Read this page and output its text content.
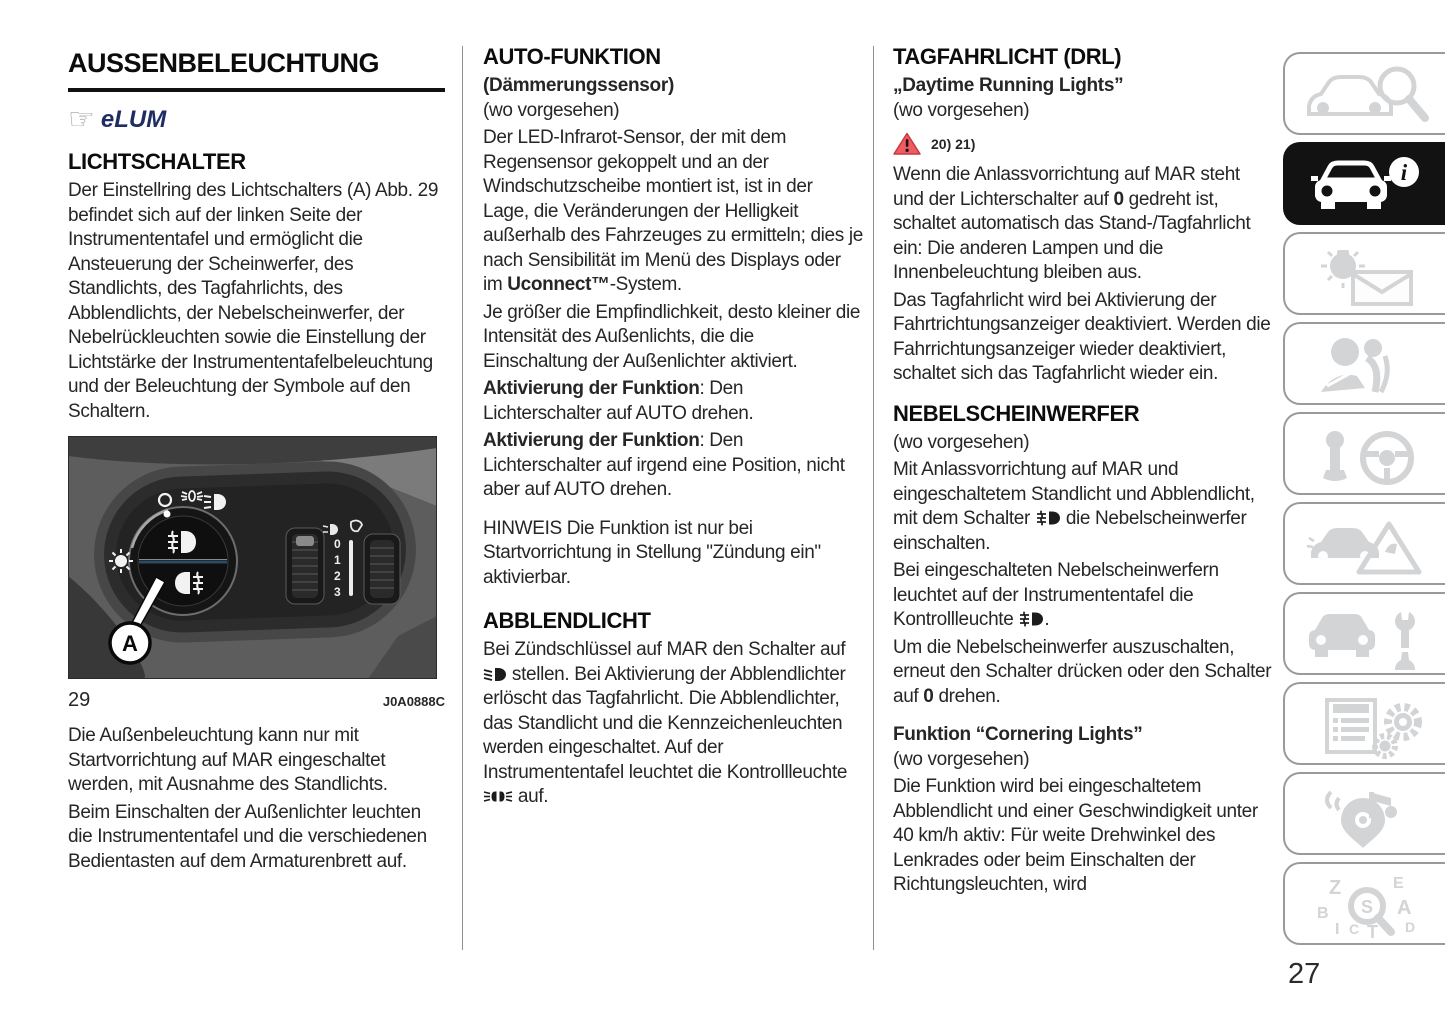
AUSSENBELEUCHTUNG
☞ eLUM
LICHTSCHALTER

Der Einstellring des Lichtschalters (A) Abb. 29 befindet sich auf der linken Seite der Instrumententafel und ermöglicht die Ansteuerung der Scheinwerfer, des Standlichts, des Tagfahrlichts, des Abblendlichts, der Nebelscheinwerfer, der Nebelrückleuchten sowie die Einstellung der Lichtstärke der Instrumententafelbeleuchtung und der Beleuchtung der Symbole auf den Schaltern.

0
1
2
3
A
29	J0A0888C

Die Außenbeleuchtung kann nur mit Startvorrichtung auf MAR eingeschaltet werden, mit Ausnahme des Standlichts.

Beim Einschalten der Außenlichter leuchten die Instrumententafel und die verschiedenen Bedientasten auf dem Armaturenbrett auf.

AUTO-FUNKTION

(Dämmerungssensor)

(wo vorgesehen)

Der LED-Infrarot-Sensor, der mit dem Regensensor gekoppelt und an der Windschutzscheibe montiert ist, ist in der Lage, die Veränderungen der Helligkeit außerhalb des Fahrzeuges zu ermitteln; dies je nach Sensibilität im Menü des Displays oder im Uconnect™-System.

Je größer die Empfindlichkeit, desto kleiner die Intensität des Außenlichts, die die Einschaltung der Außenlichter aktiviert.

Aktivierung der Funktion: Den Lichterschalter auf AUTO drehen.

Aktivierung der Funktion: Den Lichterschalter auf irgend eine Position, nicht aber auf AUTO drehen.

HINWEIS Die Funktion ist nur bei Startvorrichtung in Stellung "Zündung ein" aktivierbar.

ABBLENDLICHT

Bei Zündschlüssel auf MAR den Schalter auf  stellen. Bei Aktivierung der Abblendlichter erlöscht das Tagfahrlicht. Die Abblendlichter, das Standlicht und die Kennzeichenleuchten werden eingeschaltet. Auf der Instrumententafel leuchtet die Kontrollleuchte  auf.

TAGFAHRLICHT (DRL)

„Daytime Running Lights”

(wo vorgesehen)

20) 21)

Wenn die Anlassvorrichtung auf MAR steht und der Lichterschalter auf 0 gedreht ist, schaltet automatisch das Stand-/Tagfahrlicht ein: Die anderen Lampen und die Innenbeleuchtung bleiben aus.

Das Tagfahrlicht wird bei Aktivierung der Fahrtrichtungsanzeiger deaktiviert. Werden die Fahrrichtungsanzeiger wieder deaktiviert, schaltet sich das Tagfahrlicht wieder ein.

NEBELSCHEINWERFER

(wo vorgesehen)

Mit Anlassvorrichtung auf MAR und eingeschaltetem Standlicht und Abblendlicht, mit dem Schalter  die Nebelscheinwerfer einschalten.

Bei eingeschalteten Nebelscheinwerfern leuchtet auf der Instrumententafel die Kontrollleuchte .

Um die Nebelscheinwerfer auszuschalten, erneut den Schalter drücken oder den Schalter auf 0 drehen.

Funktion “Cornering Lights”

(wo vorgesehen)

Die Funktion wird bei eingeschaltetem Abblendlicht und einer Geschwindigkeit unter 40 km/h aktiv: Für weite Drehwinkel des Lenkrades oder beim Einschalten der Richtungsleuchten, wird

i
Z	E
B	A
I C T D
S
27
